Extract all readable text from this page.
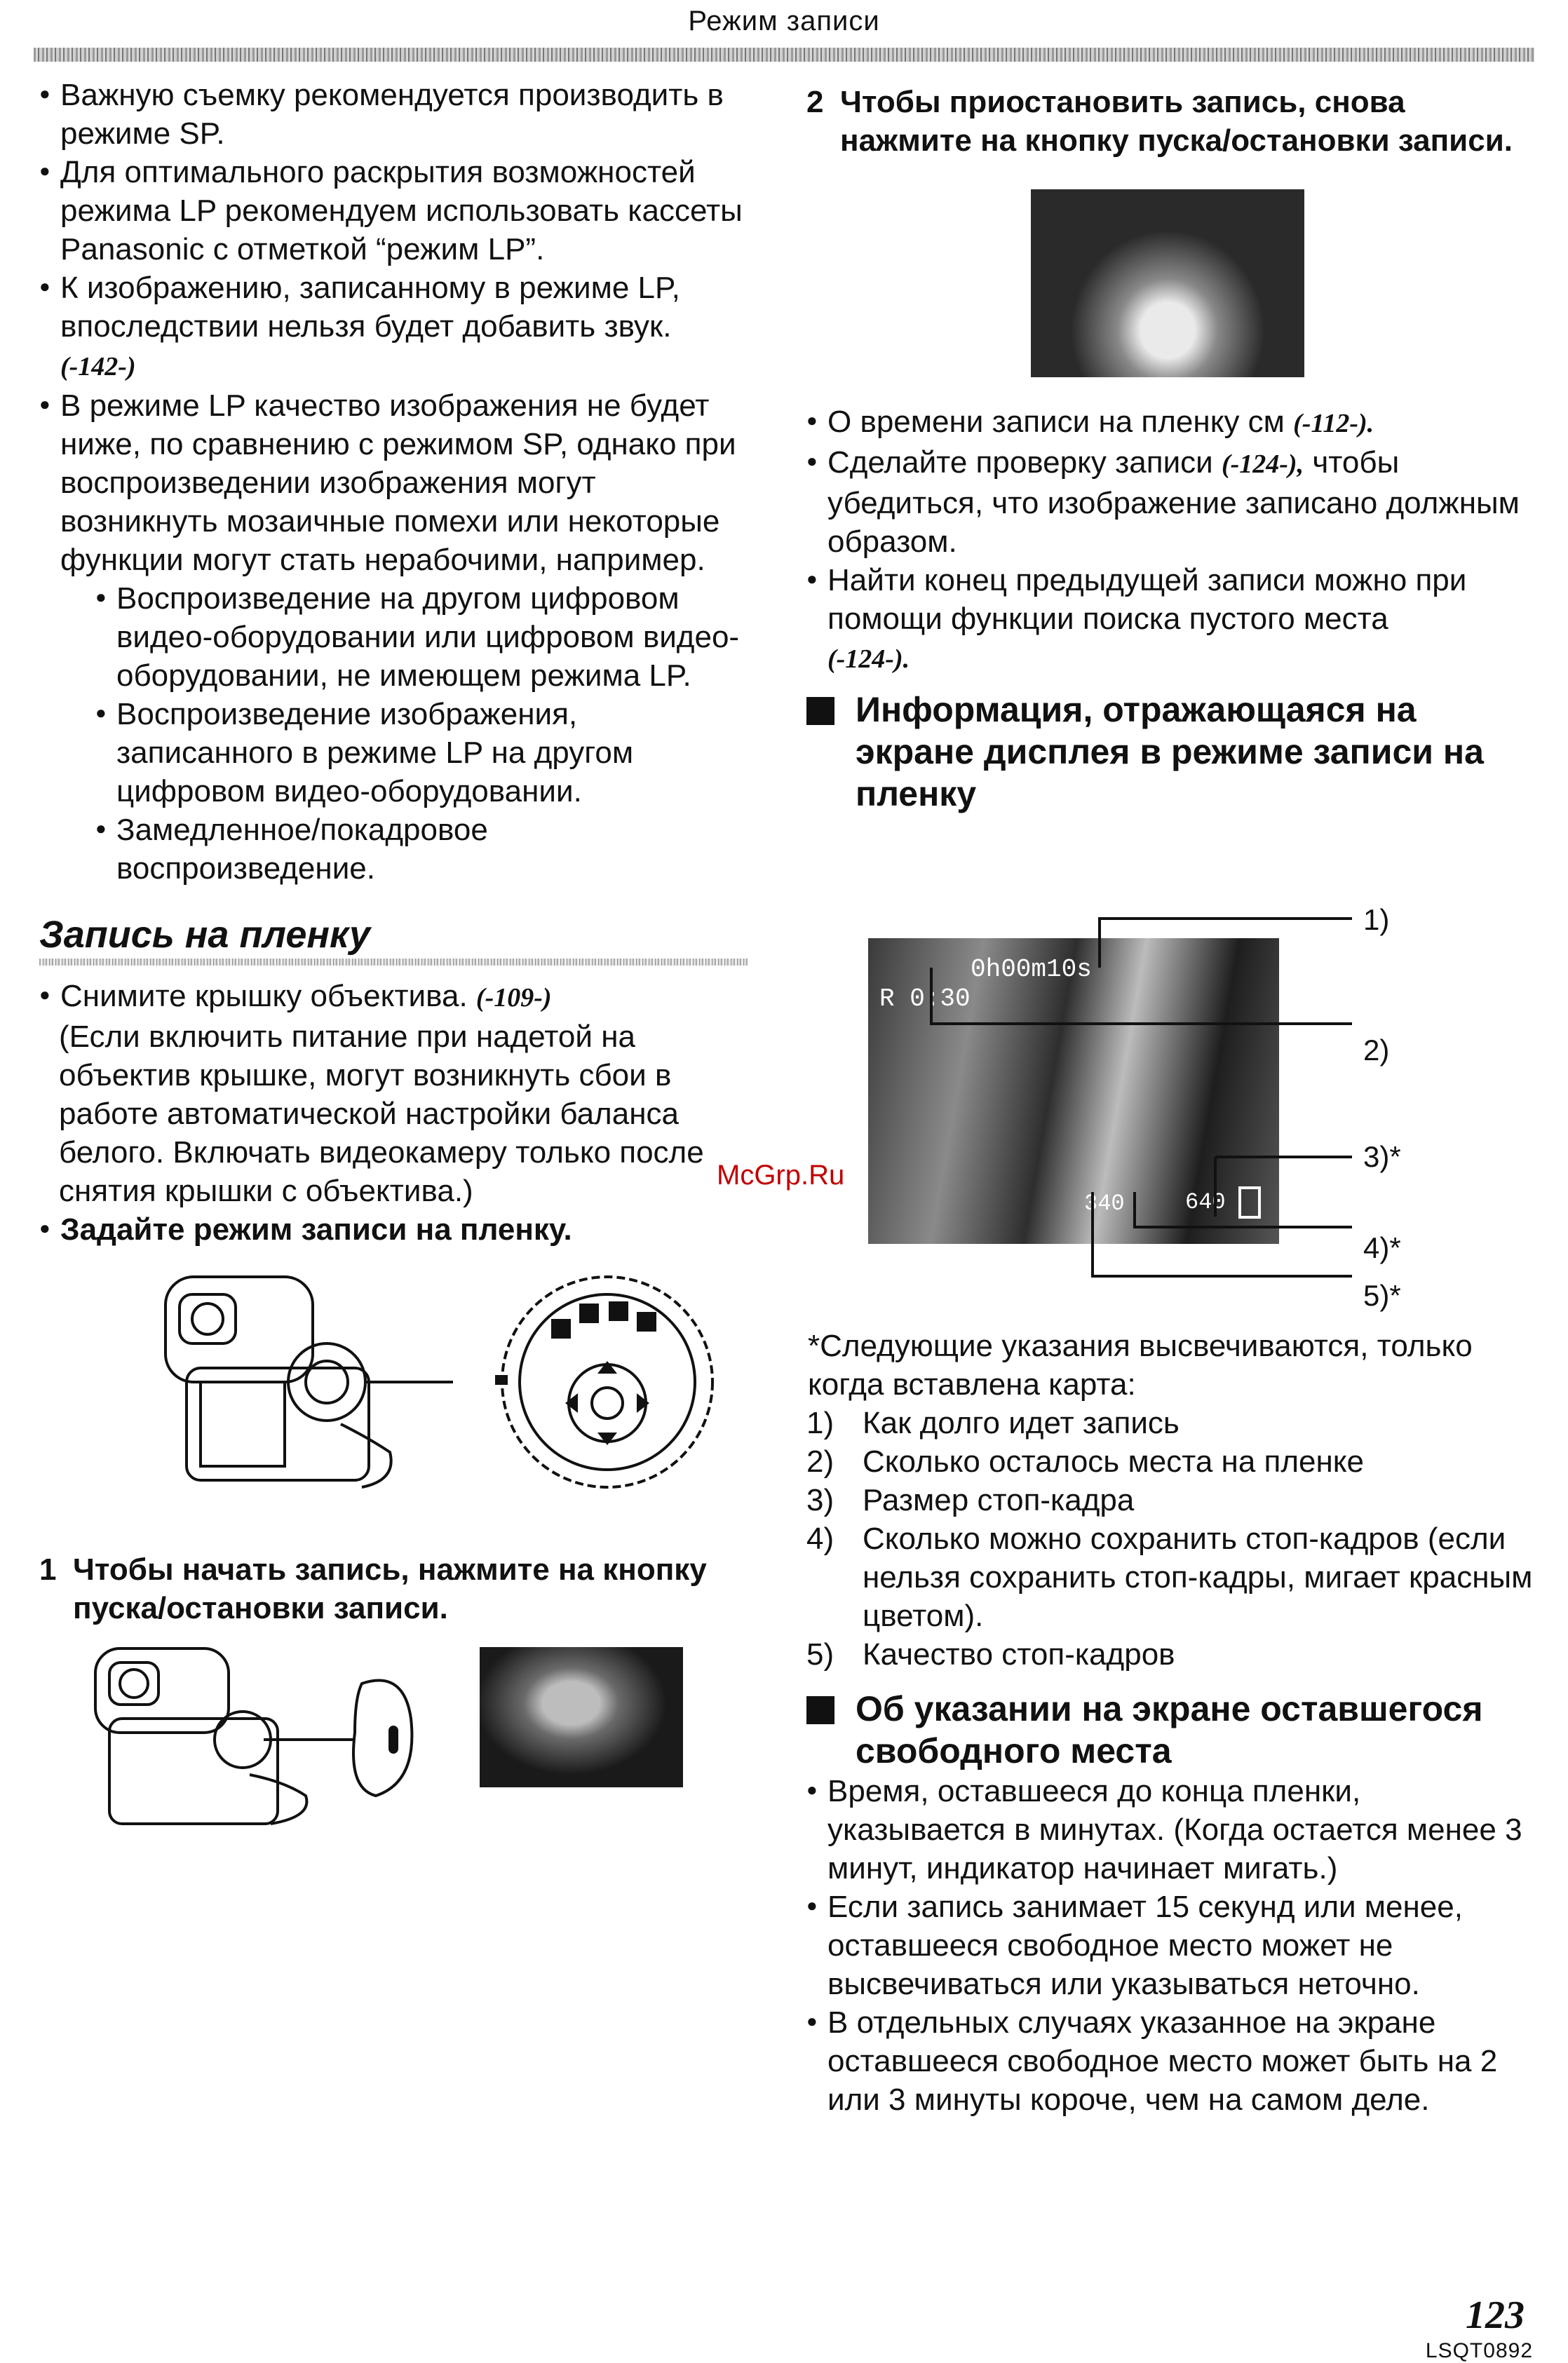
Режим записи

● Важную съемку рекомендуется производить в режиме SP.

● Для оптимального раскрытия возможностей режима LP рекомендуем использовать кассеты Panasonic с отметкой “режим LP”.

● К изображению, записанному в режиме LP, впоследствии нельзя будет добавить звук.
(-142-)

● В режиме LP качество изображения не будет ниже, по сравнению с режимом SP, однако при воспроизведении изображения могут возникнуть мозаичные помехи или некоторые функции могут стать нерабочими, например.

● Воспроизведение на другом цифровом видео-оборудовании или цифровом видео-оборудовании, не имеющем режима LP.

● Воспроизведение изображения, записанного в режиме LP на другом цифровом видео-оборудовании.

● Замедленное/покадровое воспроизведение.

Запись на пленку

● Снимите крышку объектива. (-109-)

(Если включить питание при надетой на объектив крышке, могут возникнуть сбои в работе автоматической настройки баланса белого. Включать видеокамеру только после снятия крышки с объектива.)

● Задайте режим записи на пленку.

1 Чтобы начать запись, нажмите на кнопку пуска/остановки записи.
2 Чтобы приостановить запись, снова нажмите на кнопку пуска/остановки записи.

● О времени записи на пленку см (-112-).

● Сделайте проверку записи (-124-), чтобы убедиться, что изображение записано должным образом.

● Найти конец предыдущей записи можно при помощи функции поиска пустого места
(-124-).

Информация, отражающаяся на экране дисплея в режиме записи на пленку
0h00m10s
R 0:30
340	640
1)
2)
3)*
4)*
5)*

*Следующие указания высвечиваются, только когда вставлена карта:

1) Как долго идет запись

2) Сколько осталось места на пленке

3) Размер стоп-кадра

4) Сколько можно сохранить стоп-кадров (если нельзя сохранить стоп-кадры, мигает красным цветом).

5) Качество стоп-кадров

Об указании на экране оставшегося свободного места

● Время, оставшееся до конца пленки, указывается в минутах. (Когда остается менее 3 минут, индикатор начинает мигать.)

● Если запись занимает 15 секунд или менее, оставшееся свободное место может не высвечиваться или указываться неточно.

● В отдельных случаях указанное на экране оставшееся свободное место может быть на 2 или 3 минуты короче, чем на самом деле.

McGrp.Ru
123
LSQT0892
